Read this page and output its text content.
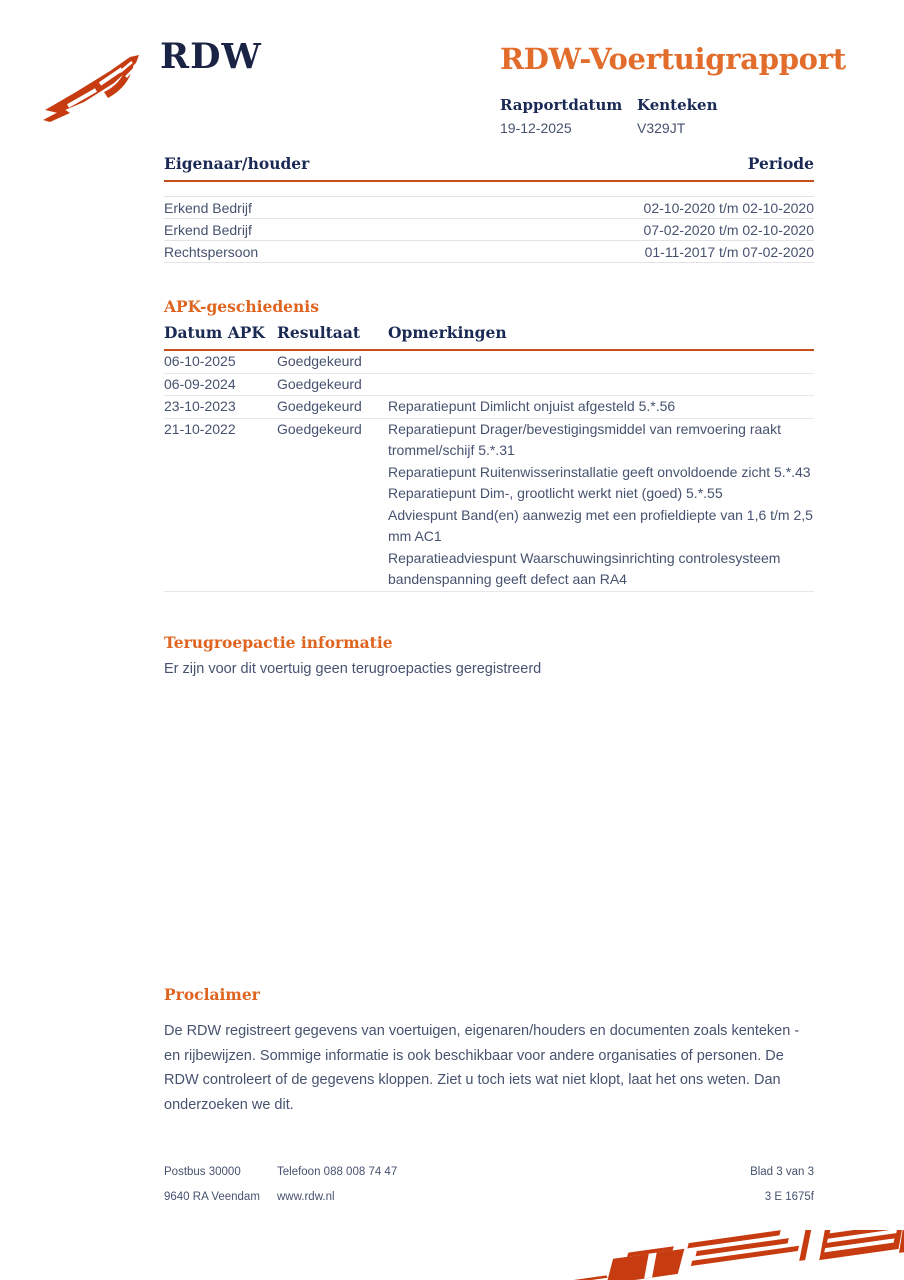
RDW	RDW-Voertuigrapport
Rapportdatum
19-12-2025
Kenteken
V329JT
Eigenaar/houder	Periode
Erkend Bedrijf	02-10-2020 t/m 02-10-2020
Erkend Bedrijf	07-02-2020 t/m 02-10-2020
Rechtspersoon	01-11-2017 t/m 07-02-2020
APK-geschiedenis
Datum APK Resultaat	Opmerkingen
06-10-2025	Goedgekeurd
06-09-2024	Goedgekeurd
23-10-2023	Goedgekeurd	Reparatiepunt Dimlicht onjuist afgesteld 5.*.56
21-10-2022	Goedgekeurd	Reparatiepunt Drager/bevestigingsmiddel van remvoering raakt trommel/schijf 5.*.31
Reparatiepunt Ruitenwisserinstallatie geeft onvoldoende zicht 5.*.43
Reparatiepunt Dim-, grootlicht werkt niet (goed) 5.*.55
Adviespunt Band(en) aanwezig met een profieldiepte van 1,6 t/m 2,5 mm AC1
Reparatieadviespunt Waarschuwingsinrichting controlesysteem bandenspanning geeft defect aan RA4
Terugroepactie informatie
Er zijn voor dit voertuig geen terugroepacties geregistreerd
Proclaimer
De RDW registreert gegevens van voertuigen, eigenaren/houders en documenten zoals kenteken - en rijbewijzen. Sommige informatie is ook beschikbaar voor andere organisaties of personen. De RDW controleert of de gegevens kloppen. Ziet u toch iets wat niet klopt, laat het ons weten. Dan onderzoeken we dit.
Postbus 30000	Telefoon 088 008 74 47	Blad 3 van 3
9640 RA Veendam	www.rdw.nl	3 E 1675f
